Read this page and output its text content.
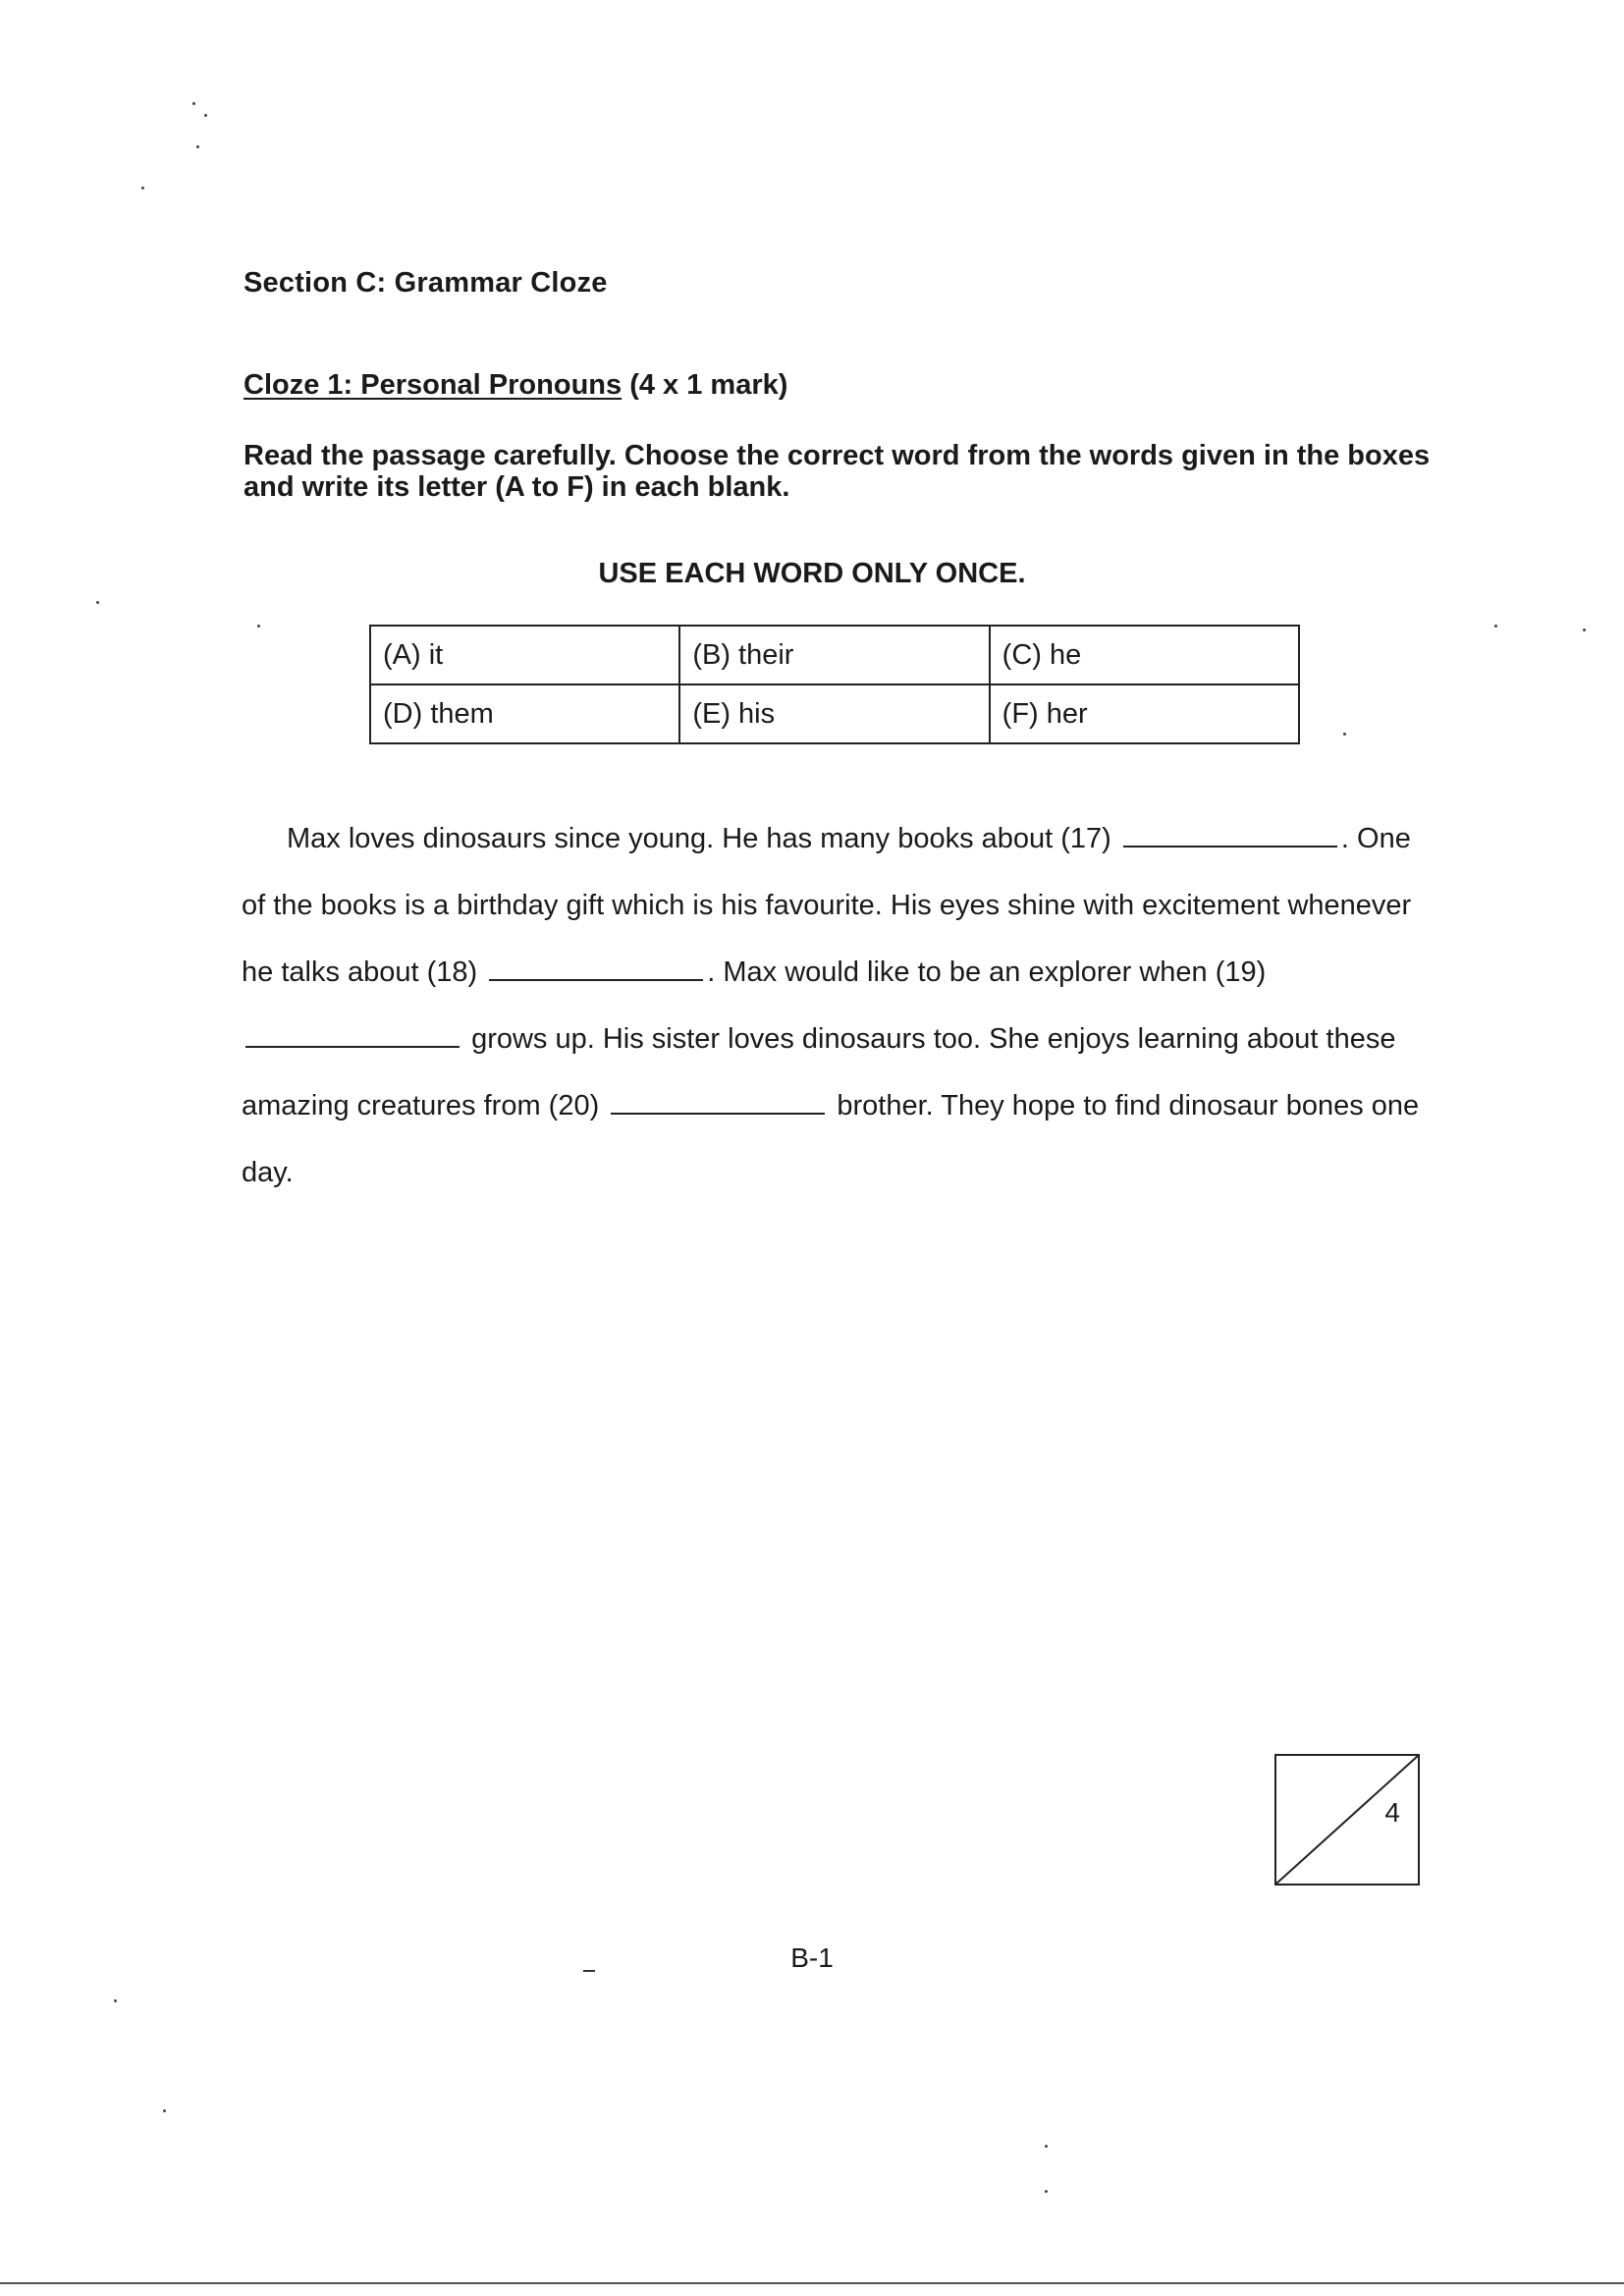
Section C: Grammar Cloze
Cloze 1: Personal Pronouns (4 x 1 mark)
Read the passage carefully. Choose the correct word from the words given in the boxes and write its letter (A to F) in each blank.
USE EACH WORD ONLY ONCE.
(A) it	(B) their	(C) he
(D) them	(E) his	(F) her
Max loves dinosaurs since young. He has many books about (17)	. One of the books is a birthday gift which is his favourite. His eyes shine with excitement whenever he talks about (18)	. Max would like to be an explorer when (19)  grows up. His sister loves dinosaurs too. She enjoys learning about these amazing creatures from (20)	brother. They hope to find dinosaur bones one day.
4
B-1
